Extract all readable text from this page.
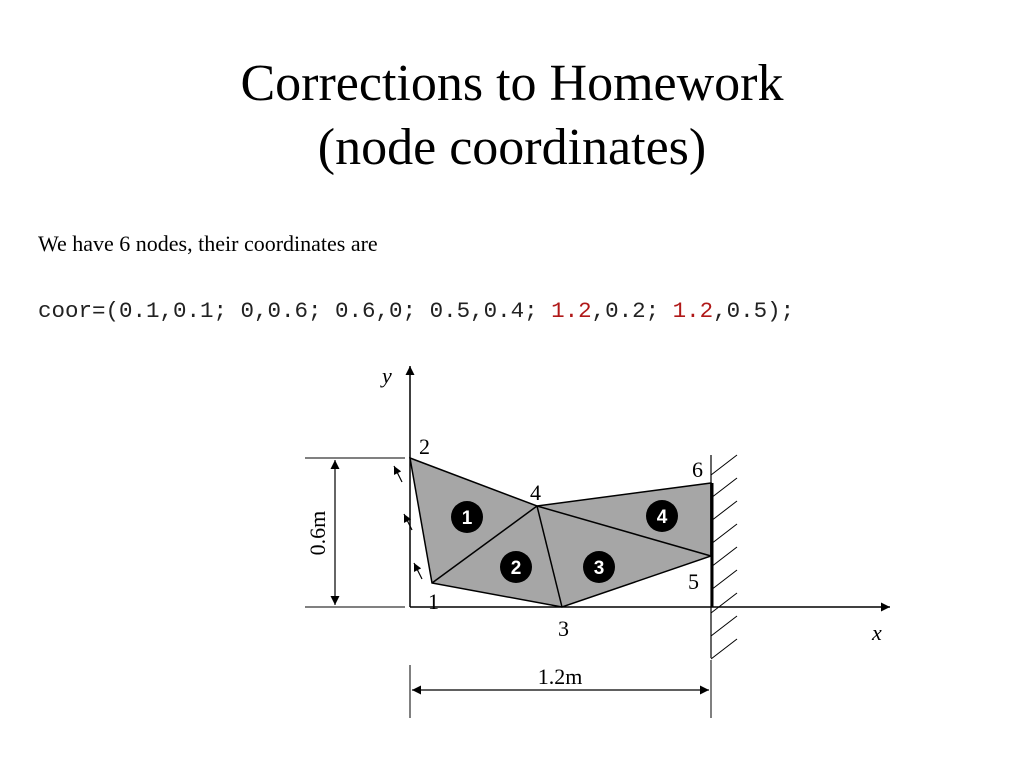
Corrections to Homework
(node coordinates)
We have 6 nodes, their coordinates are
coor=(0.1,0.1; 0,0.6; 0.6,0; 0.5,0.4; 1.2,0.2; 1.2,0.5);
y
x
0.6m
1.2m
1
2
3
4
5
6
1
2	3
4
